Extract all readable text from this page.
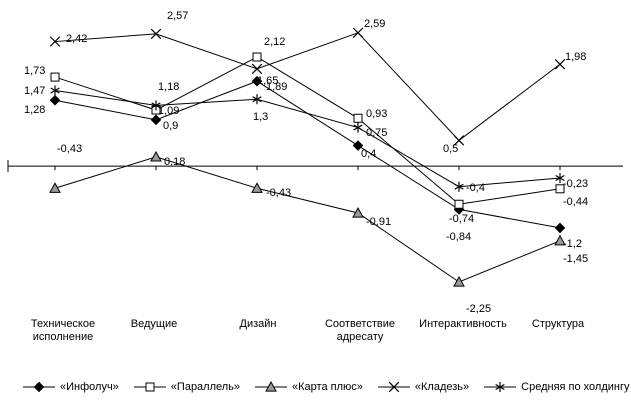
2,42
2,57
2,12
2,59
1,98
1,73
1,47
1,28
1,18
1,09
0,9
1,89
1,65
1,3	0,93
0,75
0,4	0,5
-0,43
0,18
-0,43
-0,91
-0,4	-0,23
-0,44
-0,74
-0,84
-1,2
-1,45
-2,25
Техническое
исполнение
Ведущие	Дизайн	Соответствие
адресату
Интерактивность	Структура
«Инфолуч»	«Параллель»	«Карта плюс»	«Кладезь»	Средняя по холдингу
